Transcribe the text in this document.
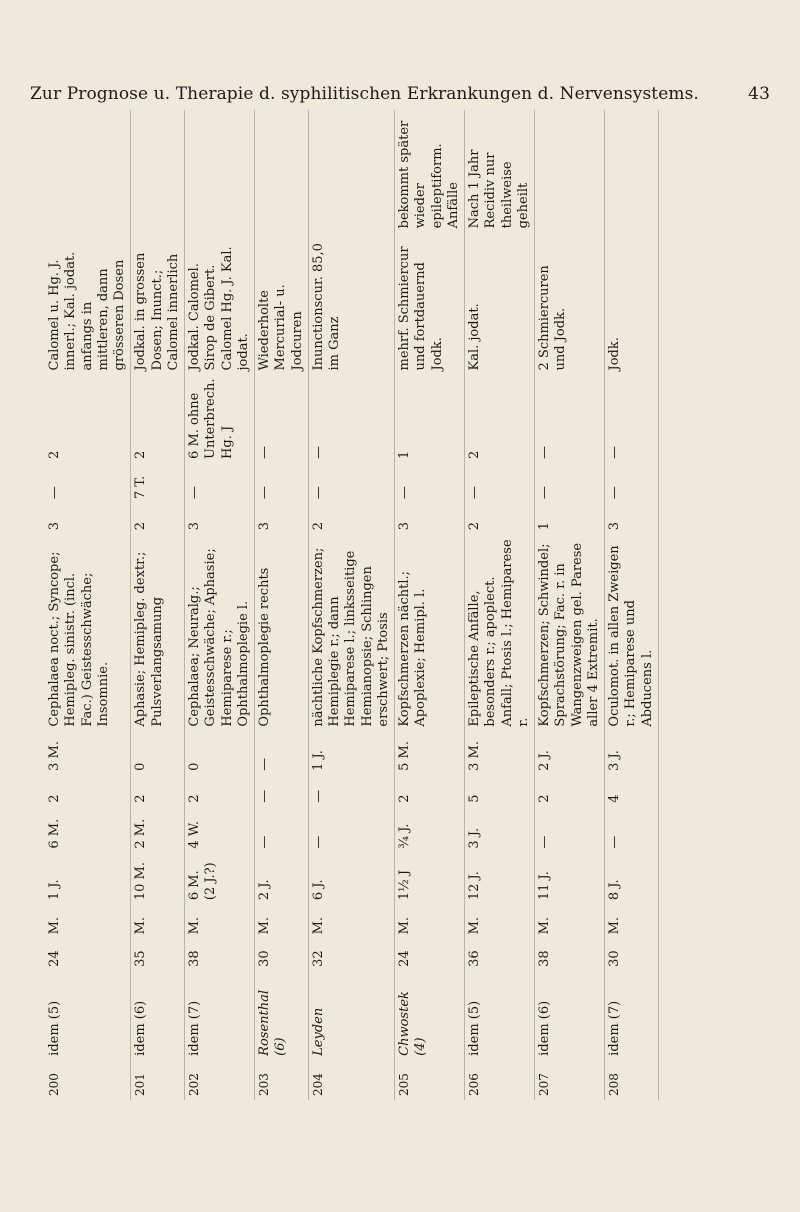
Zur Prognose u. Therapie d. syphilitischen Erkrankungen d. Nervensystems.	43
200	idem (5)	24	M.	1 J.	6 M.	2	3 M.	Cephalaea noct.; Syncope; Hemipleg. sinistr. (incl. Fac.) Geistesschwäche; Insomnie.	3	—	2	Calomel u. Hg. J. innerl.; Kal. jodat. anfangs in mittleren, dann grösseren Dosen	
201	idem (6)	35	M.	10 M.	2 M.	2	0	Aphasie; Hemipleg. dextr.; Pulsverlangsamung	2	7 T.	2	Jodkal. in grossen Dosen; Inunct.; Calomel innerlich	
202	idem (7)	38	M.	6 M. (2 J.?)	4 W.	2	0	Cephalaea; Neuralg.; Geistesschwäche; Aphasie; Hemiparese r.; Ophthalmoplegie l.	3	—	6 M. ohne Unterbrech. Hg. J	Jodkal. Calomel. Sirop de Gibert. Calomel Hg. J. Kal. jodat.	
203	Rosenthal (6)	30	M.	2 J.	—	—	—	Ophthalmoplegie rechts	3	—	—	Wiederholte Mercurial- u. Jodcuren	
204	Leyden	32	M.	6 J.	—	—	1 J.	nächtliche Kopfschmerzen; Hemiplegie r.; dann Hemiparese l.; linksseitige Hemianopsie; Schlingen erschwert; Ptosis	2	—	—	Inunctionscur. 85,0 im Ganz	
205	Chwostek (4)	24	M.	1½ J	¾ J.	2	5 M.	Kopfschmerzen nächtl.; Apoplexie; Hemipl. l.	3	—	1	mehrf. Schmiercur und fortdauernd Jodk.	bekommt später wieder epileptiform. Anfälle
206	idem (5)	36	M.	12 J.	3 J.	5	3 M.	Epileptische Anfälle, besonders r.; apoplect. Anfall; Ptosis l.; Hemiparese r.	2	—	2	Kal. jodat.	Nach 1 Jahr Recidiv nur theilweise geheilt
207	idem (6)	38	M.	11 J.	—	2	2 J.	Kopfschmerzen; Schwindel; Sprachstörung; Fac. r. in Wangenzweigen gel. Parese aller 4 Extremit.	1	—	—	2 Schmiercuren und Jodk.	
208	idem (7)	30	M.	8 J.	—	4	3 J.	Oculomot. in allen Zweigen r.; Hemiparese und Abducens l.	3	—	—	Jodk.	
